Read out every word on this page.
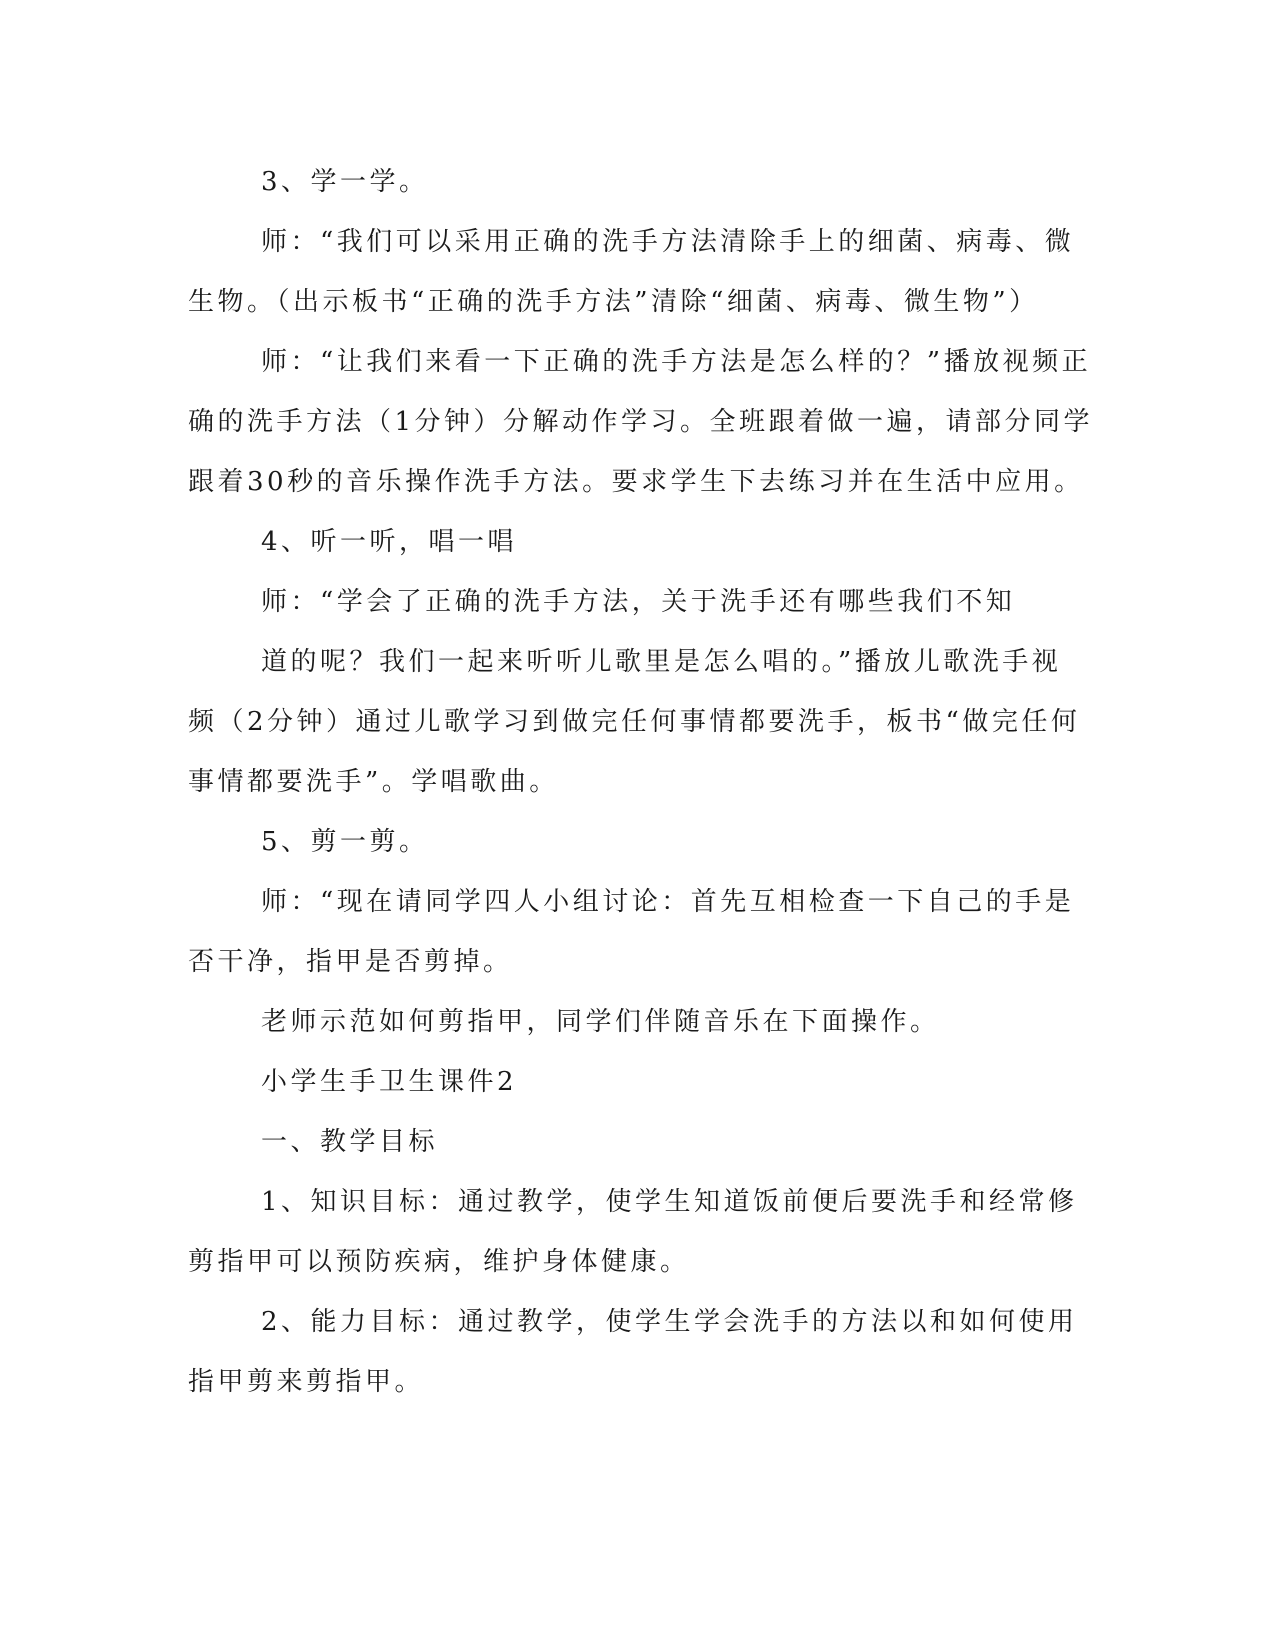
3、学一学。

师：“我们可以采用正确的洗手方法清除手上的细菌、病毒、微

生物。（出示板书“正确的洗手方法”清除“细菌、病毒、微生物”）

师：“让我们来看一下正确的洗手方法是怎么样的？”播放视频正

确的洗手方法（1分钟）分解动作学习。全班跟着做一遍，请部分同学

跟着30秒的音乐操作洗手方法。要求学生下去练习并在生活中应用。

4、听一听，唱一唱

师：“学会了正确的洗手方法，关于洗手还有哪些我们不知

道的呢？我们一起来听听儿歌里是怎么唱的。”播放儿歌洗手视

频（2分钟）通过儿歌学习到做完任何事情都要洗手，板书“做完任何

事情都要洗手”。学唱歌曲。

5、剪一剪。

师：“现在请同学四人小组讨论：首先互相检查一下自己的手是

否干净，指甲是否剪掉。

老师示范如何剪指甲，同学们伴随音乐在下面操作。

小学生手卫生课件2

一、教学目标

1、知识目标：通过教学，使学生知道饭前便后要洗手和经常修

剪指甲可以预防疾病，维护身体健康。

2、能力目标：通过教学，使学生学会洗手的方法以和如何使用

指甲剪来剪指甲。
